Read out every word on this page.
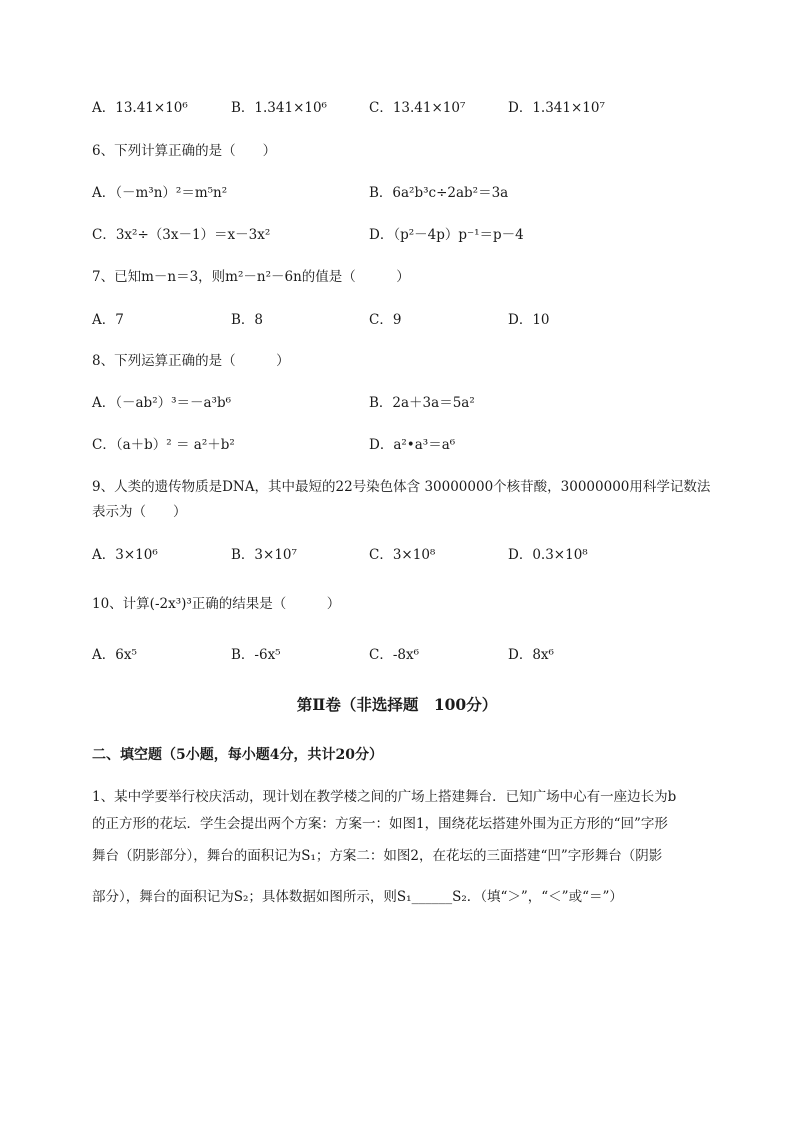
A．13.41×10⁶	B．1.341×10⁶	C．13.41×10⁷	D．1.341×10⁷
6、下列计算正确的是（　　）
A．（－m³n）²＝m⁵n²	B．6a²b³c÷2ab²＝3a
C．3x²÷（3x－1）＝x－3x²	D．（p²－4p）p⁻¹＝p－4
7、已知m－n＝3，则m²－n²－6n的值是（　　　）
A．7	B．8	C．9	D．10
8、下列运算正确的是（　　　）
A．（－ab²）³＝－a³b⁶	B．2a＋3a＝5a²
C．（a＋b）² ＝ a²＋b²	D．a²•a³＝a⁶
9、人类的遗传物质是DNA，其中最短的22号染色体含 30000000个核苷酸，30000000用科学记数法
表示为（　　）
A．3×10⁶	B．3×10⁷	C．3×10⁸	D．0.3×10⁸
10、计算(-2x³)³正确的结果是（　　　）
A．6x⁵	B．-6x⁵	C．-8x⁶	D．8x⁶
第Ⅱ卷（非选择题　100分）
二、填空题（5小题，每小题4分，共计20分）
1、某中学要举行校庆活动，现计划在教学楼之间的广场上搭建舞台．已知广场中心有一座边长为b
的正方形的花坛．学生会提出两个方案：方案一：如图1，围绕花坛搭建外围为正方形的“回”字形
舞台（阴影部分），舞台的面积记为S₁；方案二：如图2，在花坛的三面搭建“凹”字形舞台（阴影
部分），舞台的面积记为S₂；具体数据如图所示，则S₁______S₂．（填“＞”，“＜”或“＝”）
